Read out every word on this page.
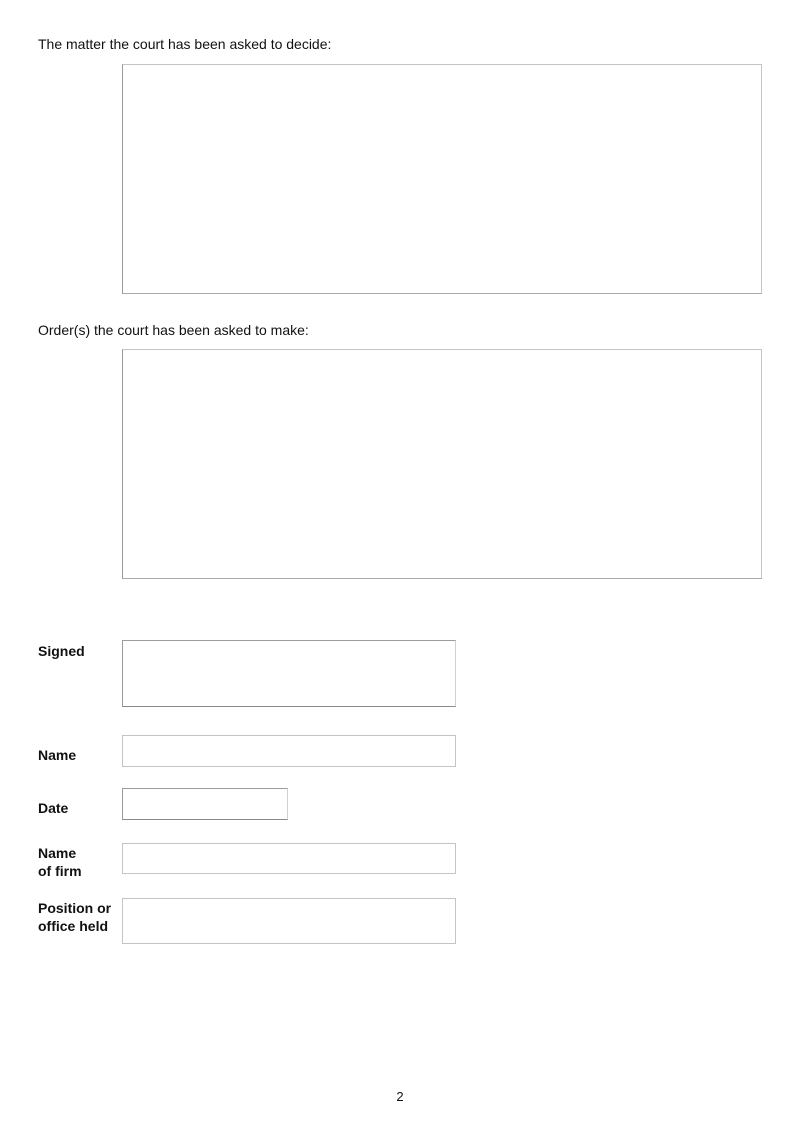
The matter the court has been asked to decide:
Order(s) the court has been asked to make:
Signed
Name
Date
Name
of firm
Position or
office held
2
